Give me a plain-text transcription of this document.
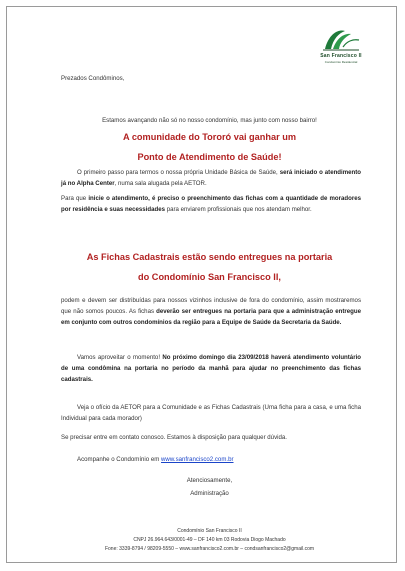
San Francisco II
Condomínio Residencial
Prezados Condôminos,
Estamos avançando não só no nosso condomínio, mas junto com nosso bairro!
A comunidade do Tororó vai ganhar um
Ponto de Atendimento de Saúde!
O primeiro passo para termos o nossa própria Unidade Básica de Saúde, será iniciado o atendimento já no Alpha Center, numa sala alugada pela AETOR.
Para que inicie o atendimento, é preciso o preenchimento das fichas com a quantidade de moradores por residência e suas necessidades para enviarem profissionais que nos atendam melhor.
As Fichas Cadastrais estão sendo entregues na portaria
do Condomínio San Francisco II,
podem e devem ser distribuídas para nossos vizinhos inclusive de fora do condomínio, assim mostraremos que não somos poucos. As fichas deverão ser entregues na portaria para que a administração entregue em conjunto com outros condomínios da região para a Equipe de Saúde da Secretaria da Saúde.
Vamos aproveitar o momento! No próximo domingo dia 23/09/2018 haverá atendimento voluntário de uma condômina na portaria no período da manhã para ajudar no preenchimento das fichas cadastrais.
Veja o ofício da AETOR para a Comunidade e as Fichas Cadastrais (Uma ficha para a casa, e uma ficha Individual para cada morador)
Se precisar entre em contato conosco. Estamos à disposição para qualquer dúvida.
Acompanhe o Condomínio em www.sanfrancisco2.com.br
Atenciosamente,
Administração
Condomínio San Francisco II
CNPJ 26.964.643/0001-49 – DF 140 km 03 Rodovia Diogo Machado
Fone: 3339-8794 / 98209-5550 – www.sanfrancisco2.com.br – condsanfrancisco2@gmail.com
